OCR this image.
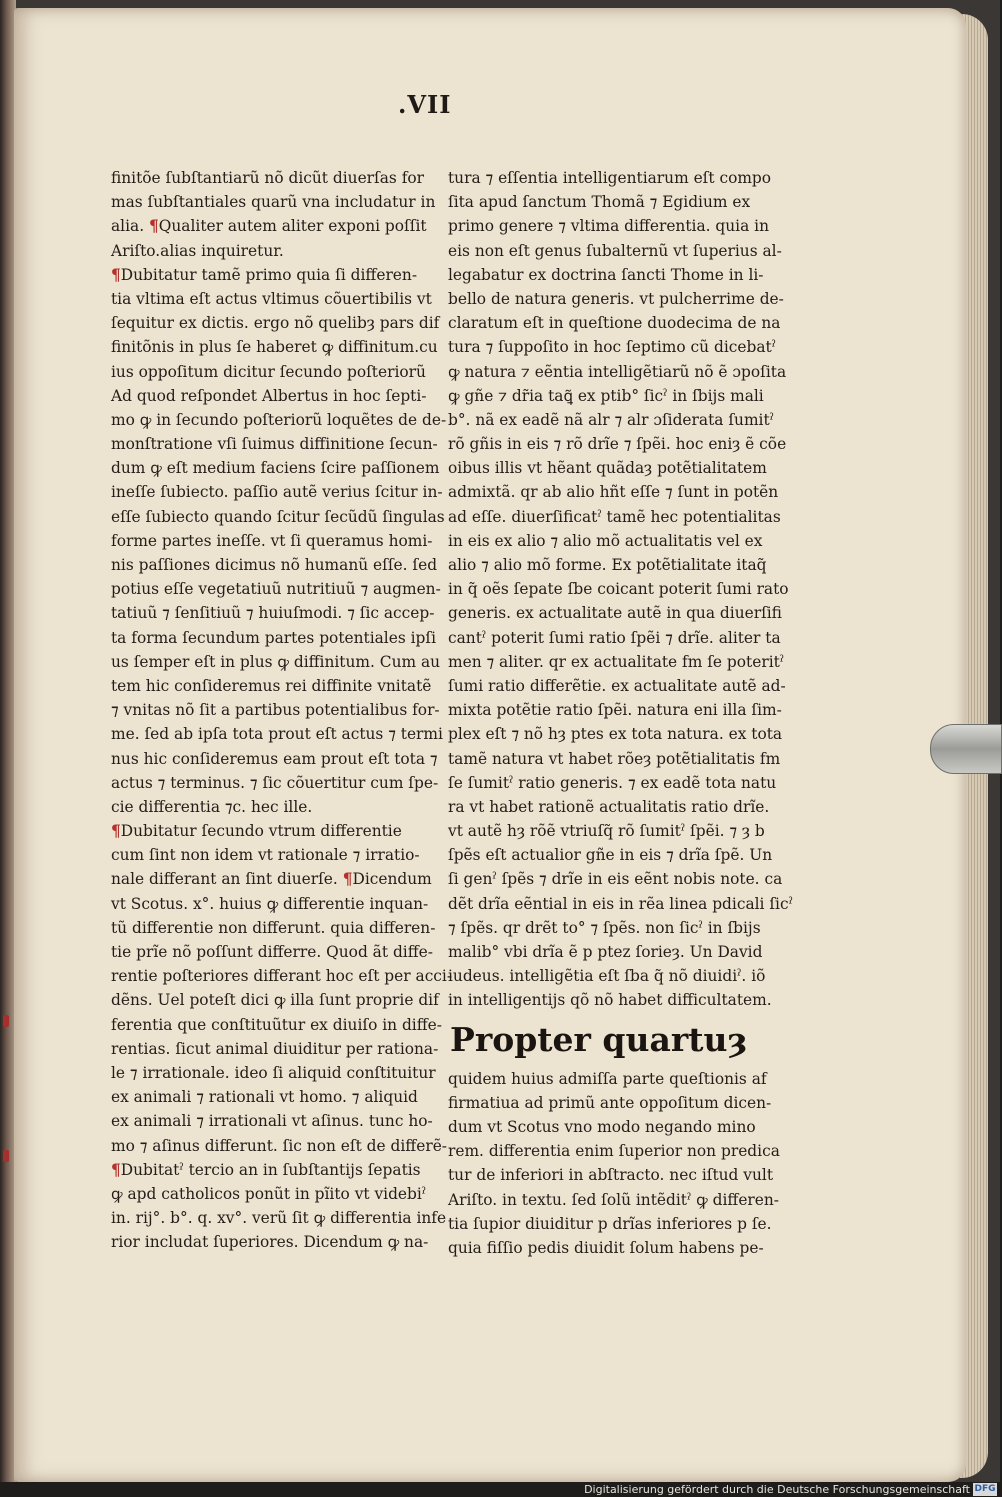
.VII
finitõe ſubſtantiarũ nõ dicũt diuerſas for
mas ſubſtantiales quarũ vna includatur in
alia. ¶Qualiter autem aliter exponi poſſit
Ariſto.alias inquiretur.
¶Dubitatur tamẽ primo quia ſi differen-
tia vltima eſt actus vltimus cõuertibilis vt
ſequitur ex dictis. ergo nõ quelibȝ pars dif
finitõnis in plus ſe haberet ꝙ diffinitum.cu
ius oppoſitum dicitur ſecundo poſteriorũ
Ad quod reſpondet Albertus in hoc ſepti-
mo ꝙ in ſecundo poſteriorũ loquẽtes de de-
monſtratione vſi ſuimus diffinitione ſecun-
dum ꝙ eſt medium faciens ſcire paſſionem
ineſſe ſubiecto. paſſio autẽ verius ſcitur in-
eſſe ſubiecto quando ſcitur ſecũdũ ſingulas
forme partes ineſſe. vt ſi queramus homi-
nis paſſiones dicimus nõ humanũ eſſe. ſed
potius eſſe vegetatiuũ nutritiuũ ⁊ augmen-
tatiuũ ⁊ ſenſitiuũ ⁊ huiuſmodi. ⁊ ſic accep-
ta forma ſecundum partes potentiales ipſi
us ſemper eſt in plus ꝙ diffinitum. Cum au
tem hic conſideremus rei diffinite vnitatẽ
⁊ vnitas nõ ſit a partibus potentialibus for-
me. ſed ab ipſa tota prout eſt actus ⁊ termi
nus hic conſideremus eam prout eſt tota ⁊
actus ⁊ terminus. ⁊ ſic cõuertitur cum ſpe-
cie differentia ⁊c. hec ille.
¶Dubitatur ſecundo vtrum differentie
cum ſint non idem vt rationale ⁊ irratio-
nale differant an ſint diuerſe. ¶Dicendum
vt Scotus. x°. huius ꝙ differentie inquan-
tũ differentie non differunt. quia differen-
tie prĩe nõ poſſunt differre. Quod ãt diffe-
rentie poſteriores differant hoc eſt per acci-
dẽns. Uel poteſt dici ꝙ illa ſunt proprie dif
ferentia que conſtituũtur ex diuiſo in diffe-
rentias. ſicut animal diuiditur per rationa-
le ⁊ irrationale. ideo ſi aliquid conſtituitur
ex animali ⁊ rationali vt homo. ⁊ aliquid
ex animali ⁊ irrationali vt aſinus. tunc ho-
mo ⁊ aſinus differunt. ſic non eſt de differẽ-
¶Dubitatˀ tercio an in ſubſtantijs ſepatis
ꝙ apd catholicos ponũt in pĩito vt videbiˀ
in. rij°. b°. q. xv°. verũ ſit ꝙ differentia infe
rior includat ſuperiores. Dicendum ꝙ na-
tura ⁊ eſſentia intelligentiarum eſt compo
ſita apud ſanctum Thomã ⁊ Egidium ex
primo genere ⁊ vltima differentia. quia in
eis non eſt genus ſubalternũ vt ſuperius al-
legabatur ex doctrina ſancti Thome in li-
bello de natura generis. vt pulcherrime de-
claratum eſt in queſtione duodecima de na
tura ⁊ ſuppoſito in hoc ſeptimo cũ dicebatˀ
ꝙ natura ⁊ eẽntia intelligẽtiarũ nõ ẽ ɔpoſita
ꝙ gñe ⁊ dr̃ia taꝗ̃ ex ptib° ſicˀ in ſbijs mali
b°. nã ex eadẽ nã alr ⁊ alr ɔſiderata ſumitˀ
rõ gñis in eis ⁊ rõ drĩe ⁊ ſpẽi. hoc eniȝ ẽ cõe
oibus illis vt hẽant quãdaȝ potẽtialitatem
admixtã. qr ab alio hñt eſſe ⁊ ſunt in potẽn
ad eſſe. diuerſificatˀ tamẽ hec potentialitas
in eis ex alio ⁊ alio mõ actualitatis vel ex
alio ⁊ alio mõ forme. Ex potẽtialitate itaq̃
in q̃ oẽs ſepate ſbe coicant poterit ſumi rato
generis. ex actualitate autẽ in qua diuerſifi
cantˀ poterit ſumi ratio ſpẽi ⁊ drĩe. aliter ta
men ⁊ aliter. qr ex actualitate fm ſe poteritˀ
ſumi ratio differẽtie. ex actualitate autẽ ad-
mixta potẽtie ratio ſpẽi. natura eni illa ſim-
plex eſt ⁊ nõ hȝ ptes ex tota natura. ex tota
tamẽ natura vt habet rõeȝ potẽtialitatis fm
ſe ſumitˀ ratio generis. ⁊ ex eadẽ tota natu
ra vt habet rationẽ actualitatis ratio drĩe.
vt autẽ hȝ rõẽ vtriuſq̃ rõ ſumitˀ ſpẽi. ⁊ ȝ b
ſpẽs eſt actualior gñe in eis ⁊ drĩa ſpẽ. Un
ſi genˀ ſpẽs ⁊ drĩe in eis eẽnt nobis note. ca
dẽt drĩa eẽntial in eis in rẽa linea pdicali ſicˀ
⁊ ſpẽs. qr drẽt to° ⁊ ſpẽs. non ſicˀ in ſbijs
malib° vbi drĩa ẽ p ptez ſorieȝ. Un David
iudeus. intelligẽtia eſt ſba q̃ nõ diuidiˀ. iõ
in intelligentijs qõ nõ habet difficultatem.
Propter quartuȝ
quidem huius admiſſa parte queſtionis af
firmatiua ad primũ ante oppoſitum dicen-
dum vt Scotus vno modo negando mino
rem. differentia enim ſuperior non predica
tur de inferiori in abſtracto. nec iſtud vult
Ariſto. in textu. ſed ſolũ intẽditˀ ꝙ differen-
tia ſupior diuiditur p drĩas inferiores p ſe.
quia fiſſio pedis diuidit ſolum habens pe-
Digitalisierung gefördert durch die Deutsche Forschungsgemeinschaft DFG
